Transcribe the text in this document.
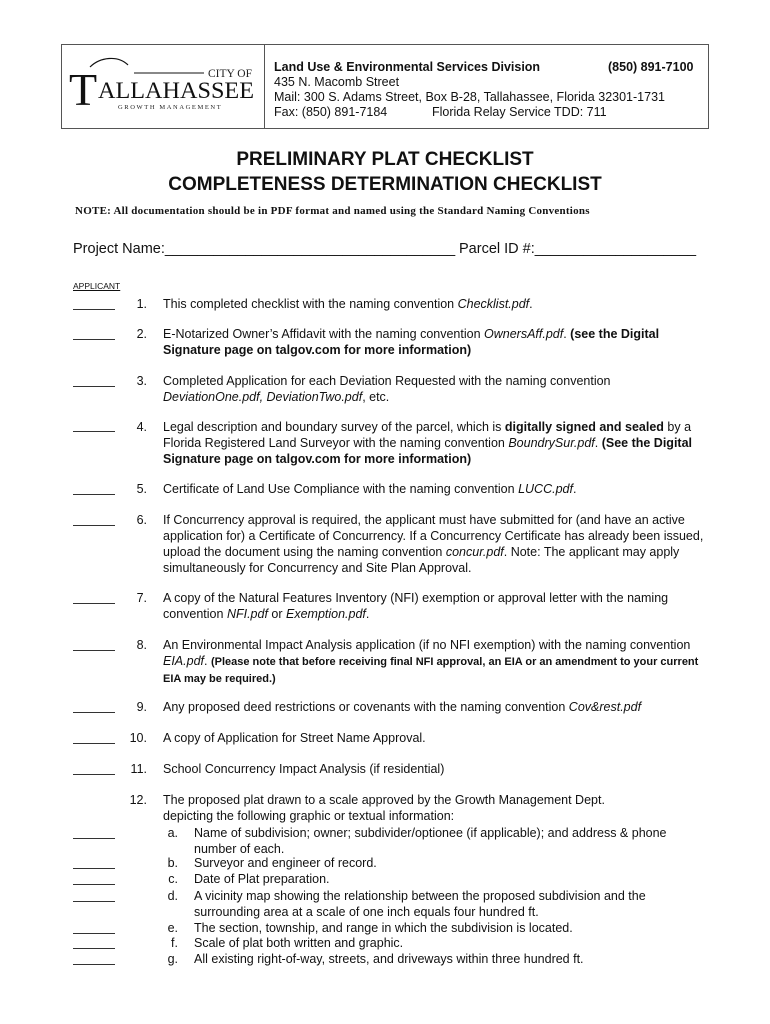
CITY OF
T ALLAHASSEE
GROWTH MANAGEMENT
Land Use & Environmental Services Division	(850) 891-7100
435 N. Macomb Street
Mail: 300 S. Adams Street, Box B-28, Tallahassee, Florida 32301-1731
Fax: (850) 891-7184	Florida Relay Service TDD: 711
PRELIMINARY PLAT CHECKLIST
COMPLETENESS DETERMINATION CHECKLIST
NOTE: All documentation should be in PDF format and named using the Standard Naming Conventions
Project Name:____________________________________ Parcel ID #:____________________
APPLICANT
1. This completed checklist with the naming convention Checklist.pdf.
2. E-Notarized Owner’s Affidavit with the naming convention OwnersAff.pdf. (see the Digital Signature page on talgov.com for more information)
3. Completed Application for each Deviation Requested with the naming convention DeviationOne.pdf, DeviationTwo.pdf, etc.
4. Legal description and boundary survey of the parcel, which is digitally signed and sealed by a Florida Registered Land Surveyor with the naming convention BoundrySur.pdf. (See the Digital Signature page on talgov.com for more information)
5. Certificate of Land Use Compliance with the naming convention LUCC.pdf.
6. If Concurrency approval is required, the applicant must have submitted for (and have an active application for) a Certificate of Concurrency. If a Concurrency Certificate has already been issued, upload the document using the naming convention concur.pdf. Note: The applicant may apply simultaneously for Concurrency and Site Plan Approval.
7. A copy of the Natural Features Inventory (NFI) exemption or approval letter with the naming convention NFI.pdf or Exemption.pdf.
8. An Environmental Impact Analysis application (if no NFI exemption) with the naming convention EIA.pdf. (Please note that before receiving final NFI approval, an EIA or an amendment to your current EIA may be required.)
9. Any proposed deed restrictions or covenants with the naming convention Cov&rest.pdf
10. A copy of Application for Street Name Approval.
11. School Concurrency Impact Analysis (if residential)
12. The proposed plat drawn to a scale approved by the Growth Management Dept. depicting the following graphic or textual information:
a. Name of subdivision; owner; subdivider/optionee (if applicable); and address & phone number of each.
b. Surveyor and engineer of record.
c. Date of Plat preparation.
d. A vicinity map showing the relationship between the proposed subdivision and the surrounding area at a scale of one inch equals four hundred ft.
e. The section, township, and range in which the subdivision is located.
f. Scale of plat both written and graphic.
g. All existing right-of-way, streets, and driveways within three hundred ft.
